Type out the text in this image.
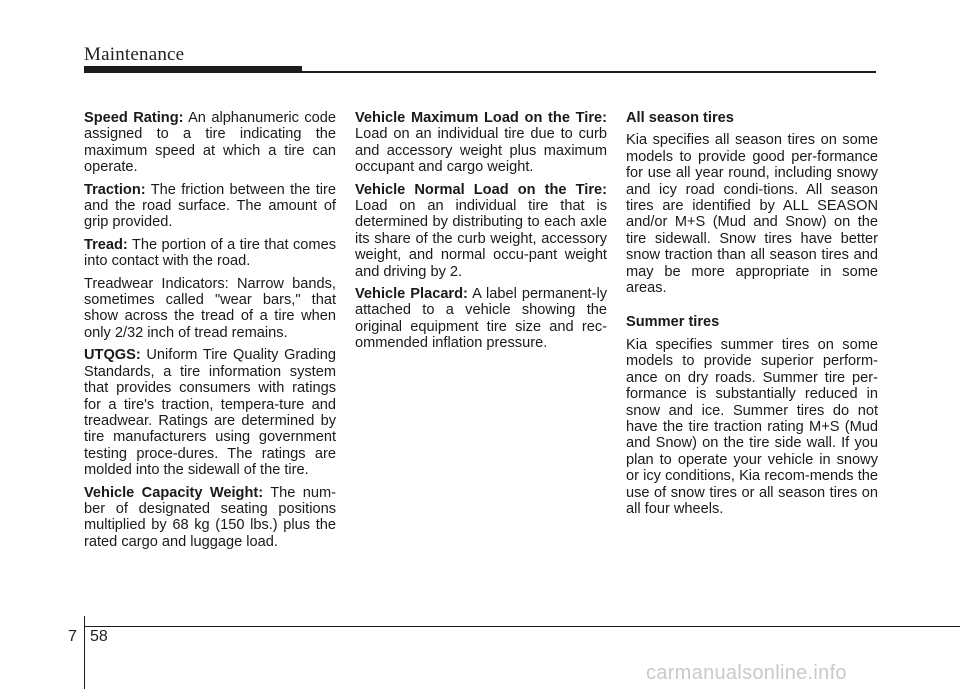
Maintenance

Speed Rating: An alphanumeric code assigned to a tire indicating the maximum speed at which a tire can operate.

Traction: The friction between the tire and the road surface. The amount of grip provided.

Tread: The portion of a tire that comes into contact with the road.

Treadwear Indicators: Narrow bands, sometimes called "wear bars," that show across the tread of a tire when only 2/32 inch of tread remains.

UTQGS: Uniform Tire Quality Grading Standards, a tire information system that provides consumers with ratings for a tire's traction, tempera-ture and treadwear. Ratings are determined by tire manufacturers using government testing proce-dures. The ratings are molded into the sidewall of the tire.

Vehicle Capacity Weight: The num-ber of designated seating positions multiplied by 68 kg (150 lbs.) plus the rated cargo and luggage load.

Vehicle Maximum Load on the Tire: Load on an individual tire due to curb and accessory weight plus maximum occupant and cargo weight.

Vehicle Normal Load on the Tire: Load on an individual tire that is determined by distributing to each axle its share of the curb weight, accessory weight, and normal occu-pant weight and driving by 2.

Vehicle Placard: A label permanent-ly attached to a vehicle showing the original equipment tire size and rec-ommended inflation pressure.

All season tires

Kia specifies all season tires on some models to provide good per-formance for use all year round, including snowy and icy road condi-tions. All season tires are identified by ALL SEASON and/or M+S (Mud and Snow) on the tire sidewall. Snow tires have better snow traction than all season tires and may be more appropriate in some areas.

Summer tires

Kia specifies summer tires on some models to provide superior perform-ance on dry roads. Summer tire per-formance is substantially reduced in snow and ice. Summer tires do not have the tire traction rating M+S (Mud and Snow) on the tire side wall. If you plan to operate your vehicle in snowy or icy conditions, Kia recom-mends the use of snow tires or all season tires on all four wheels.

7 58
carmanualsonline.info
